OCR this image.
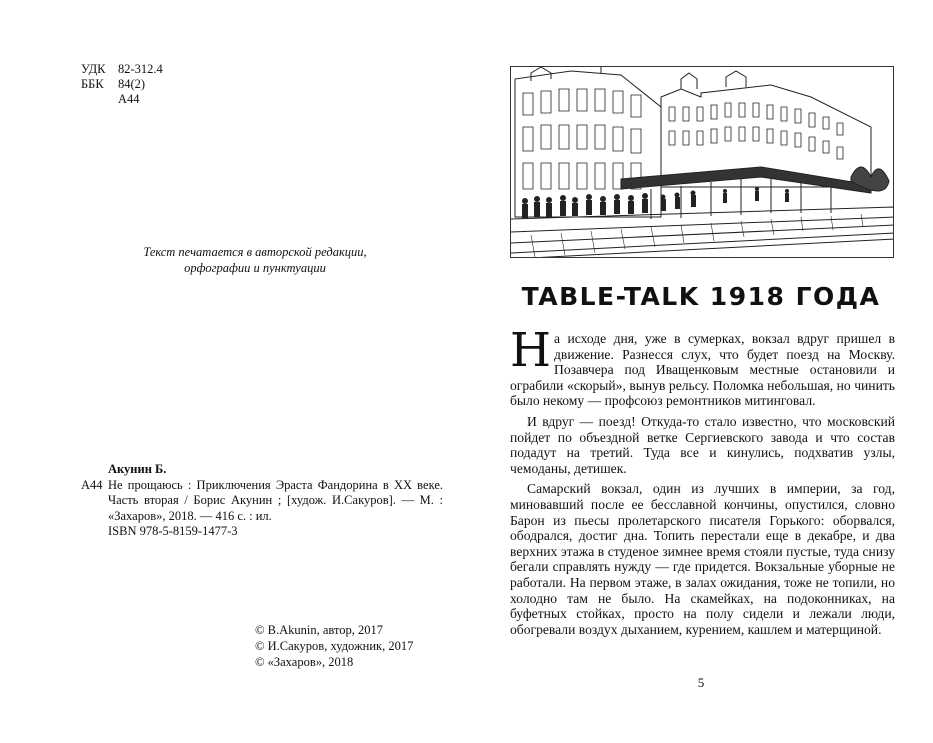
УДК 82-312.4
ББК 84(2)
А44
Текст печатается в авторской редакции,
орфографии и пунктуации
Акунин Б.
А44 Не прощаюсь : Приключения Эраста Фандорина в XX веке. Часть вторая / Борис Акунин ; [худож. И.Сакуров]. — М. : «Захаров», 2018. — 416 с. : ил.
ISBN 978-5-8159-1477-3
© B.Akunin, автор, 2017
© И.Сакуров, художник, 2017
© «Захаров», 2018
TABLE-TALK 1918 ГОДА

На исходе дня, уже в сумерках, вокзал вдруг пришел в движение. Разнесся слух, что будет поезд на Москву. Позавчера под Иващенковым местные остановили и ограбили «скорый», вынув рельсу. Поломка небольшая, но чинить было некому — профсоюз ремонтников митинговал.

И вдруг — поезд! Откуда-то стало известно, что московский пойдет по объездной ветке Сергиевского завода и что состав подадут на третий. Туда все и кинулись, подхватив узлы, чемоданы, детишек.

Самарский вокзал, один из лучших в империи, за год, миновавший после ее бесславной кончины, опустился, словно Барон из пьесы пролетарского писателя Горького: оборвался, ободрался, достиг дна. Топить перестали еще в декабре, и два верхних этажа в студеное зимнее время стояли пустые, туда снизу бегали справлять нужду — где придется. Вокзальные уборные не работали. На первом этаже, в залах ожидания, тоже не топили, но холодно там не было. На скамейках, на подоконниках, на буфетных стойках, просто на полу сидели и лежали люди, обогревали воздух дыханием, курением, кашлем и матерщиной.

5
